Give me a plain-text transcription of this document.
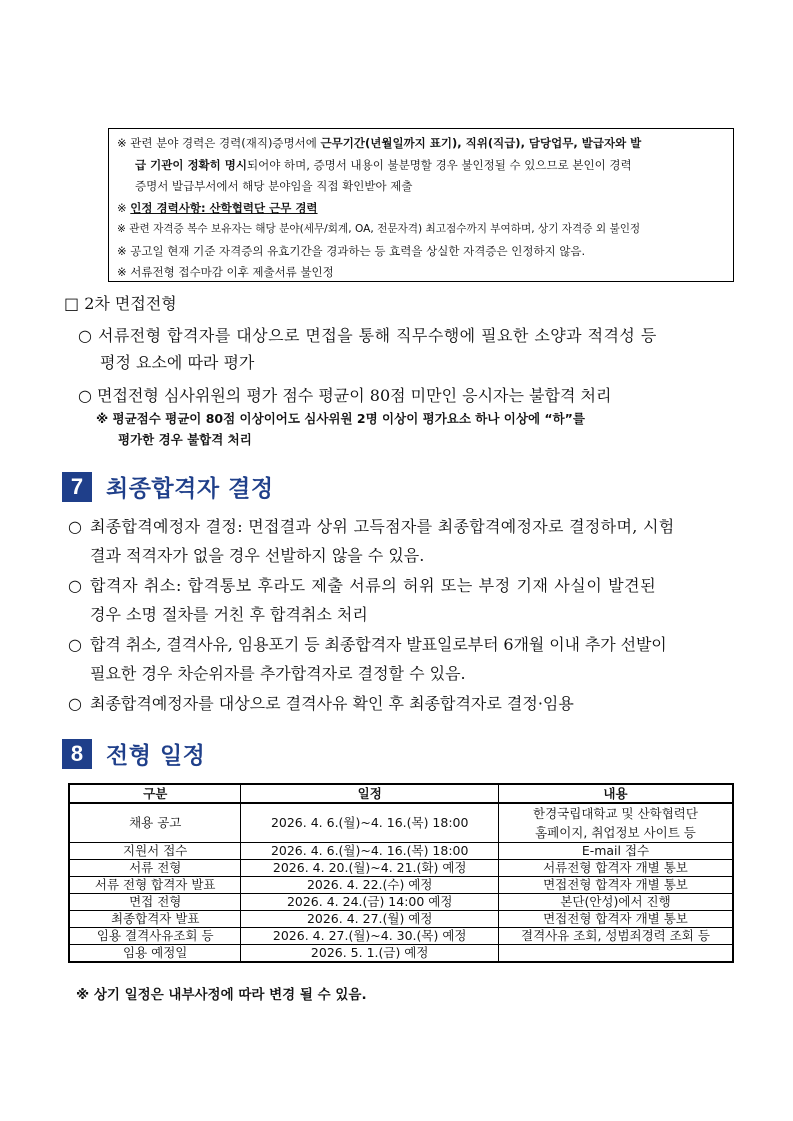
※ 관련 분야 경력은 경력(재직)증명서에 근무기간(년월일까지 표기), 직위(직급), 담당업무, 발급자와 발
급 기관이 정확히 명시되어야 하며, 증명서 내용이 불분명할 경우 불인정될 수 있으므로 본인이 경력
증명서 발급부서에서 해당 분야임을 직접 확인받아 제출
※ 인정 경력사항: 산학협력단 근무 경력
※ 관련 자격증 복수 보유자는 해당 분야(세무/회계, OA, 전문자격) 최고점수까지 부여하며, 상기 자격증 외 불인정
※ 공고일 현재 기준 자격증의 유효기간을 경과하는 등 효력을 상실한 자격증은 인정하지 않음.
※ 서류전형 접수마감 이후 제출서류 불인정
□ 2차 면접전형
○ 서류전형 합격자를 대상으로 면접을 통해 직무수행에 필요한 소양과 적격성 등
평정 요소에 따라 평가
○ 면접전형 심사위원의 평가 점수 평균이 80점 미만인 응시자는 불합격 처리
※ 평균점수 평균이 80점 이상이어도 심사위원 2명 이상이 평가요소 하나 이상에 “하”를
평가한 경우 불합격 처리
7 최종합격자 결정
○ 최종합격예정자 결정: 면접결과 상위 고득점자를 최종합격예정자로 결정하며, 시험
결과 적격자가 없을 경우 선발하지 않을 수 있음.
○ 합격자 취소: 합격통보 후라도 제출 서류의 허위 또는 부정 기재 사실이 발견된
경우 소명 절차를 거친 후 합격취소 처리
○ 합격 취소, 결격사유, 임용포기 등 최종합격자 발표일로부터 6개월 이내 추가 선발이
필요한 경우 차순위자를 추가합격자로 결정할 수 있음.
○ 최종합격예정자를 대상으로 결격사유 확인 후 최종합격자로 결정·임용
8 전형 일정
구분	일정	내용
채용 공고	2026. 4. 6.(월)~4. 16.(목) 18:00	한경국립대학교 및 산학협력단
홈페이지, 취업정보 사이트 등
지원서 접수	2026. 4. 6.(월)~4. 16.(목) 18:00	E-mail 접수
서류 전형	2026. 4. 20.(월)~4. 21.(화) 예정	서류전형 합격자 개별 통보
서류 전형 합격자 발표	2026. 4. 22.(수) 예정	면접전형 합격자 개별 통보
면접 전형	2026. 4. 24.(금) 14:00 예정	본단(안성)에서 진행
최종합격자 발표	2026. 4. 27.(월) 예정	면접전형 합격자 개별 통보
임용 결격사유조회 등	2026. 4. 27.(월)~4. 30.(목) 예정	결격사유 조회, 성범죄경력 조회 등
임용 예정일	2026. 5. 1.(금) 예정	
※ 상기 일정은 내부사정에 따라 변경 될 수 있음.
